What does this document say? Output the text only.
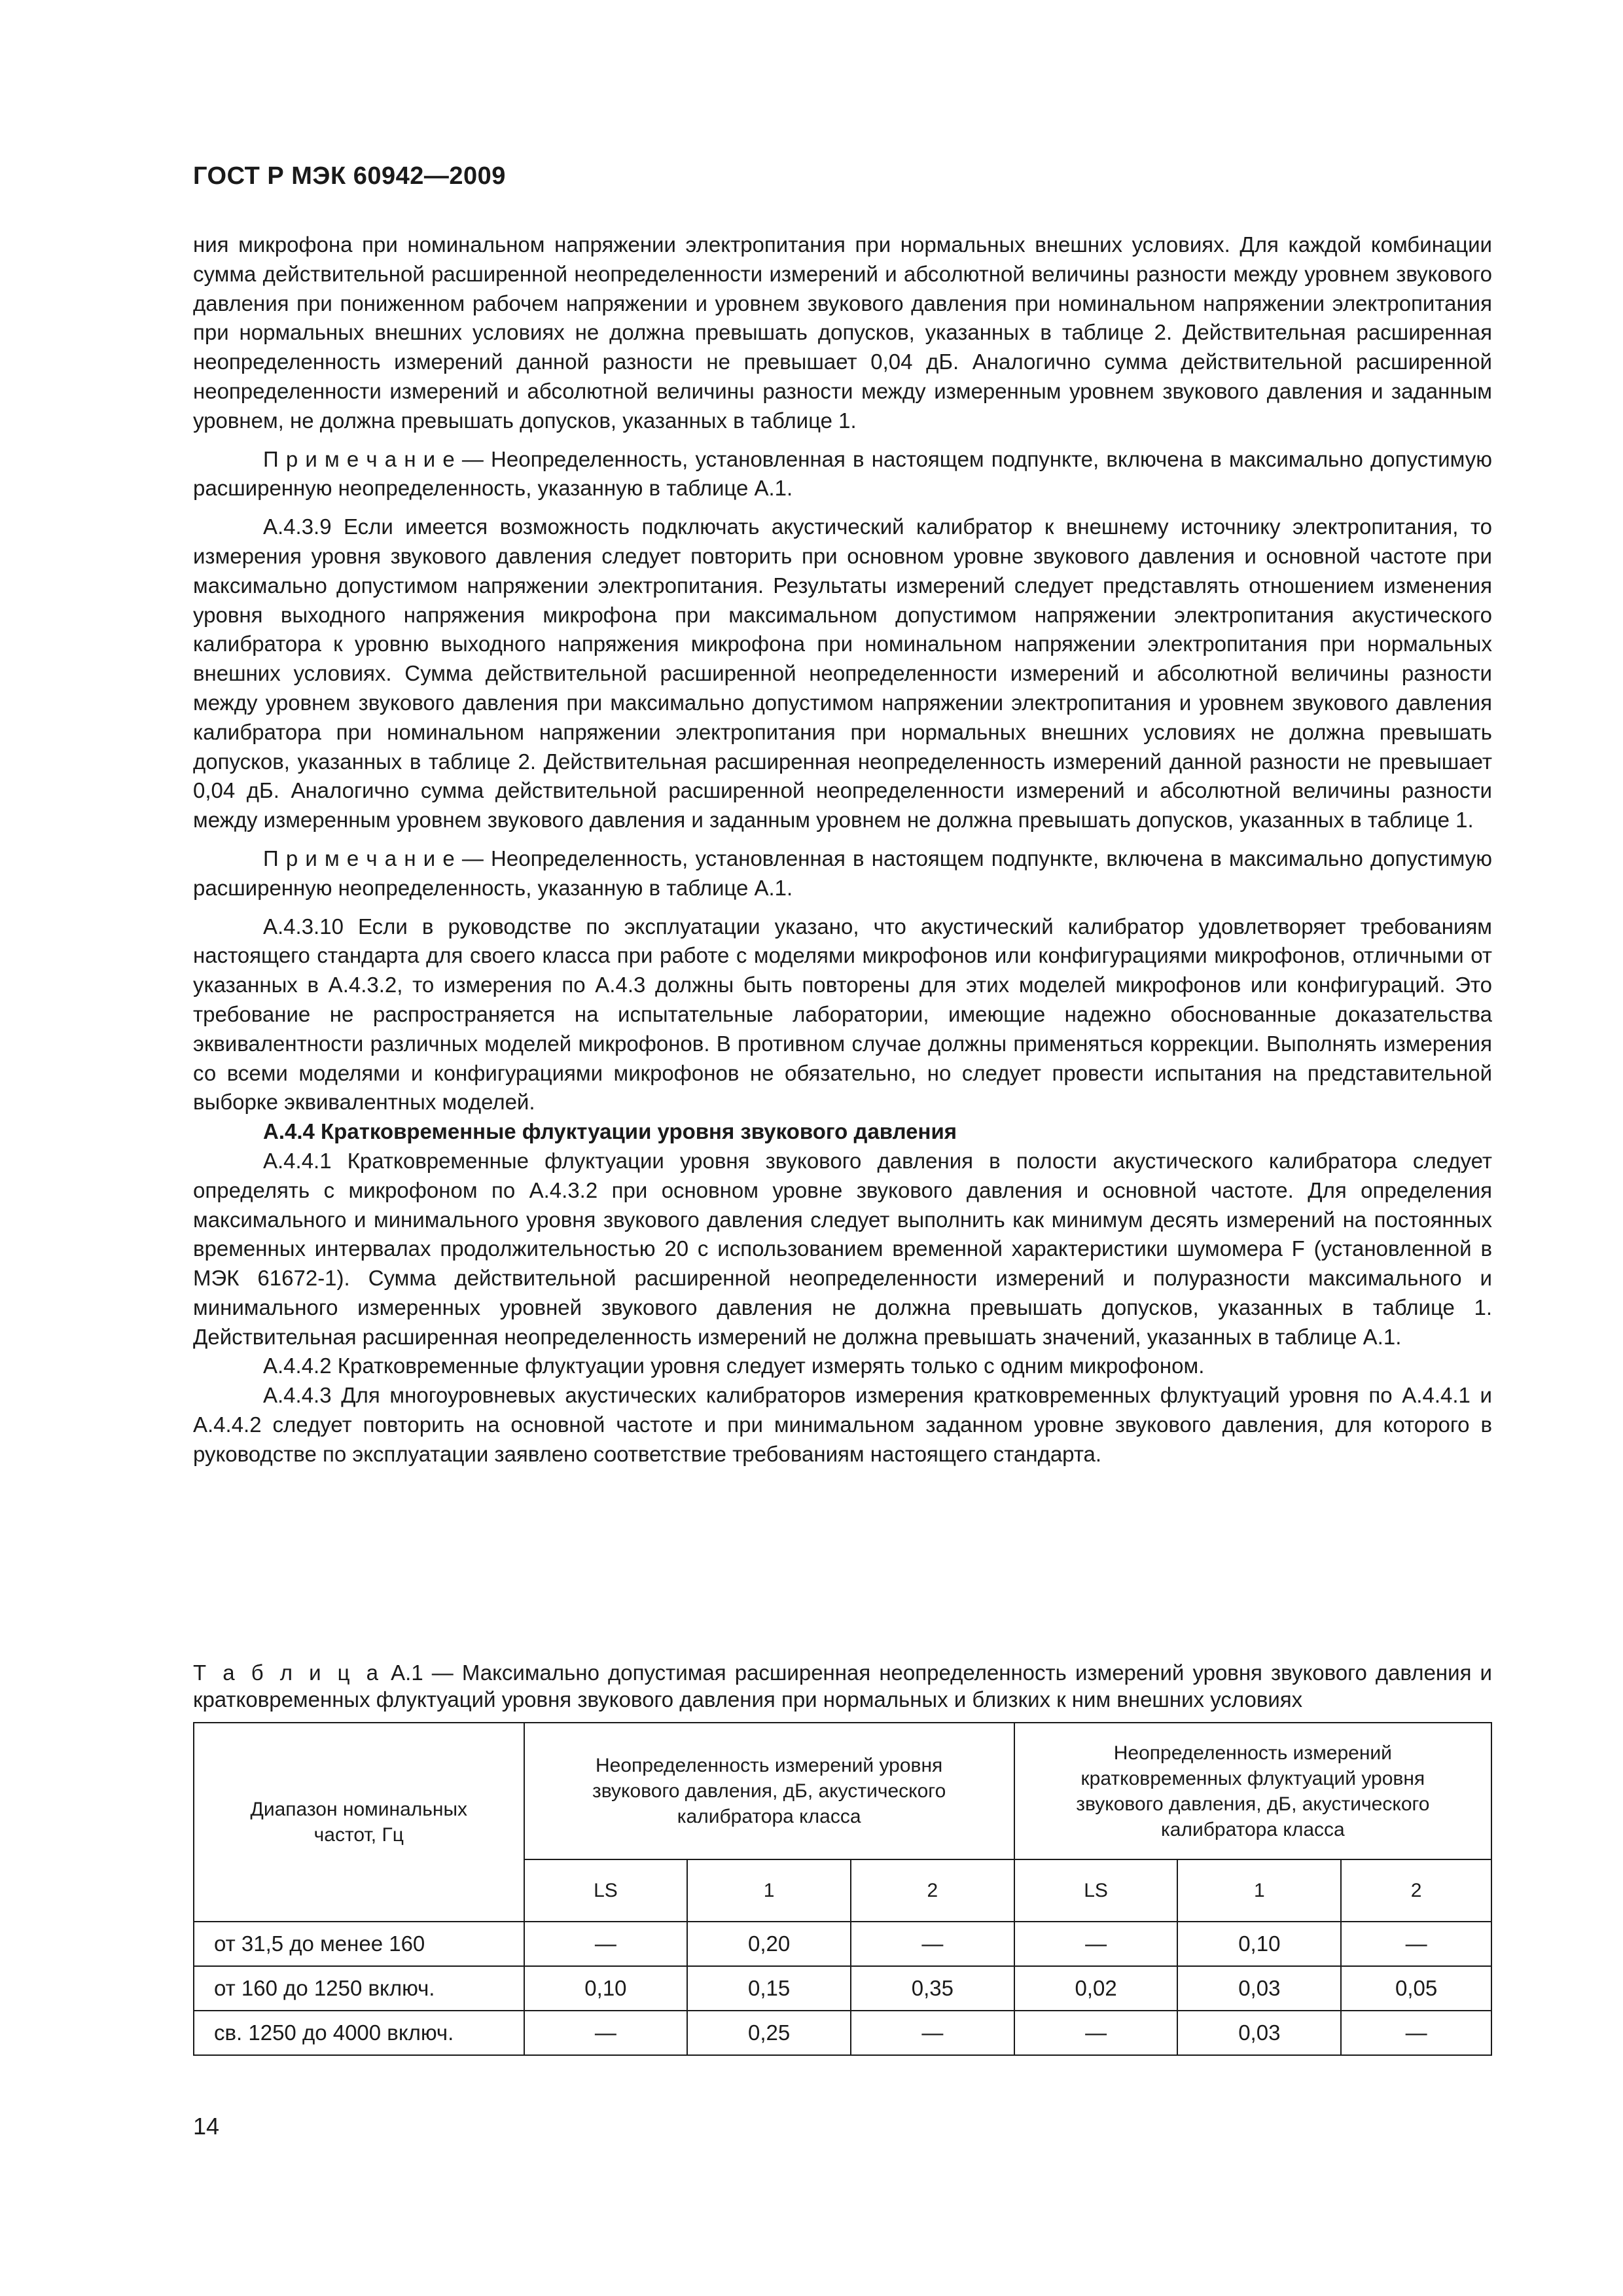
ГОСТ Р МЭК 60942—2009

ния микрофона при номинальном напряжении электропитания при нормальных внешних условиях. Для каждой комбинации сумма действительной расширенной неопределенности измерений и абсолютной величины разности между уровнем звукового давления при пониженном рабочем напряжении и уровнем звукового давления при номинальном напряжении электропитания при нормальных внешних условиях не должна превышать допусков, указанных в таблице 2. Действительная расширенная неопределенность измерений данной разности не превышает 0,04 дБ. Аналогично сумма действительной расширенной неопределенности измерений и абсолютной величины разности между измеренным уровнем звукового давления и заданным уровнем, не должна превышать допусков, указанных в таблице 1.

П р и м е ч а н и е — Неопределенность, установленная в настоящем подпункте, включена в максимально допустимую расширенную неопределенность, указанную в таблице А.1.

А.4.3.9 Если имеется возможность подключать акустический калибратор к внешнему источнику электропитания, то измерения уровня звукового давления следует повторить при основном уровне звукового давления и основной частоте при максимально допустимом напряжении электропитания. Результаты измерений следует представлять отношением изменения уровня выходного напряжения микрофона при максимальном допустимом напряжении электропитания акустического калибратора к уровню выходного напряжения микрофона при номинальном напряжении электропитания при нормальных внешних условиях. Сумма действительной расширенной неопределенности измерений и абсолютной величины разности между уровнем звукового давления при максимально допустимом напряжении электропитания и уровнем звукового давления калибратора при номинальном напряжении электропитания при нормальных внешних условиях не должна превышать допусков, указанных в таблице 2. Действительная расширенная неопределенность измерений данной разности не превышает 0,04 дБ. Аналогично сумма действительной расширенной неопределенности измерений и абсолютной величины разности между измеренным уровнем звукового давления и заданным уровнем не должна превышать допусков, указанных в таблице 1.

П р и м е ч а н и е — Неопределенность, установленная в настоящем подпункте, включена в максимально допустимую расширенную неопределенность, указанную в таблице А.1.

А.4.3.10 Если в руководстве по эксплуатации указано, что акустический калибратор удовлетворяет требованиям настоящего стандарта для своего класса при работе с моделями микрофонов или конфигурациями микрофонов, отличными от указанных в А.4.3.2, то измерения по А.4.3 должны быть повторены для этих моделей микрофонов или конфигураций. Это требование не распространяется на испытательные лаборатории, имеющие надежно обоснованные доказательства эквивалентности различных моделей микрофонов. В противном случае должны применяться коррекции. Выполнять измерения со всеми моделями и конфигурациями микрофонов не обязательно, но следует провести испытания на представительной выборке эквивалентных моделей.

А.4.4 Кратковременные флуктуации уровня звукового давления

А.4.4.1 Кратковременные флуктуации уровня звукового давления в полости акустического калибратора следует определять с микрофоном по А.4.3.2 при основном уровне звукового давления и основной частоте. Для определения максимального и минимального уровня звукового давления следует выполнить как минимум десять измерений на постоянных временных интервалах продолжительностью 20 с использованием временной характеристики шумомера F (установленной в МЭК 61672-1). Сумма действительной расширенной неопределенности измерений и полуразности максимального и минимального измеренных уровней звукового давления не должна превышать допусков, указанных в таблице 1. Действительная расширенная неопределенность измерений не должна превышать значений, указанных в таблице А.1.

А.4.4.2 Кратковременные флуктуации уровня следует измерять только с одним микрофоном.

А.4.4.3 Для многоуровневых акустических калибраторов измерения кратковременных флуктуаций уровня по А.4.4.1 и А.4.4.2 следует повторить на основной частоте и при минимальном заданном уровне звукового давления, для которого в руководстве по эксплуатации заявлено соответствие требованиям настоящего стандарта.

Т а б л и ц а А.1 — Максимально допустимая расширенная неопределенность измерений уровня звукового давления и кратковременных флуктуаций уровня звукового давления при нормальных и близких к ним внешних условиях
Диапазон номинальных частот, Гц	Неопределенность измерений уровня звукового давления, дБ, акустического калибратора класса			Неопределенность измерений кратковременных флуктуаций уровня звукового давления, дБ, акустического калибратора класса		
	LS	1	2	LS	1	2
от 31,5 до менее 160	—	0,20	—	—	0,10	—
от 160 до 1250 включ.	0,10	0,15	0,35	0,02	0,03	0,05
св. 1250 до 4000 включ.	—	0,25	—	—	0,03	—
14
